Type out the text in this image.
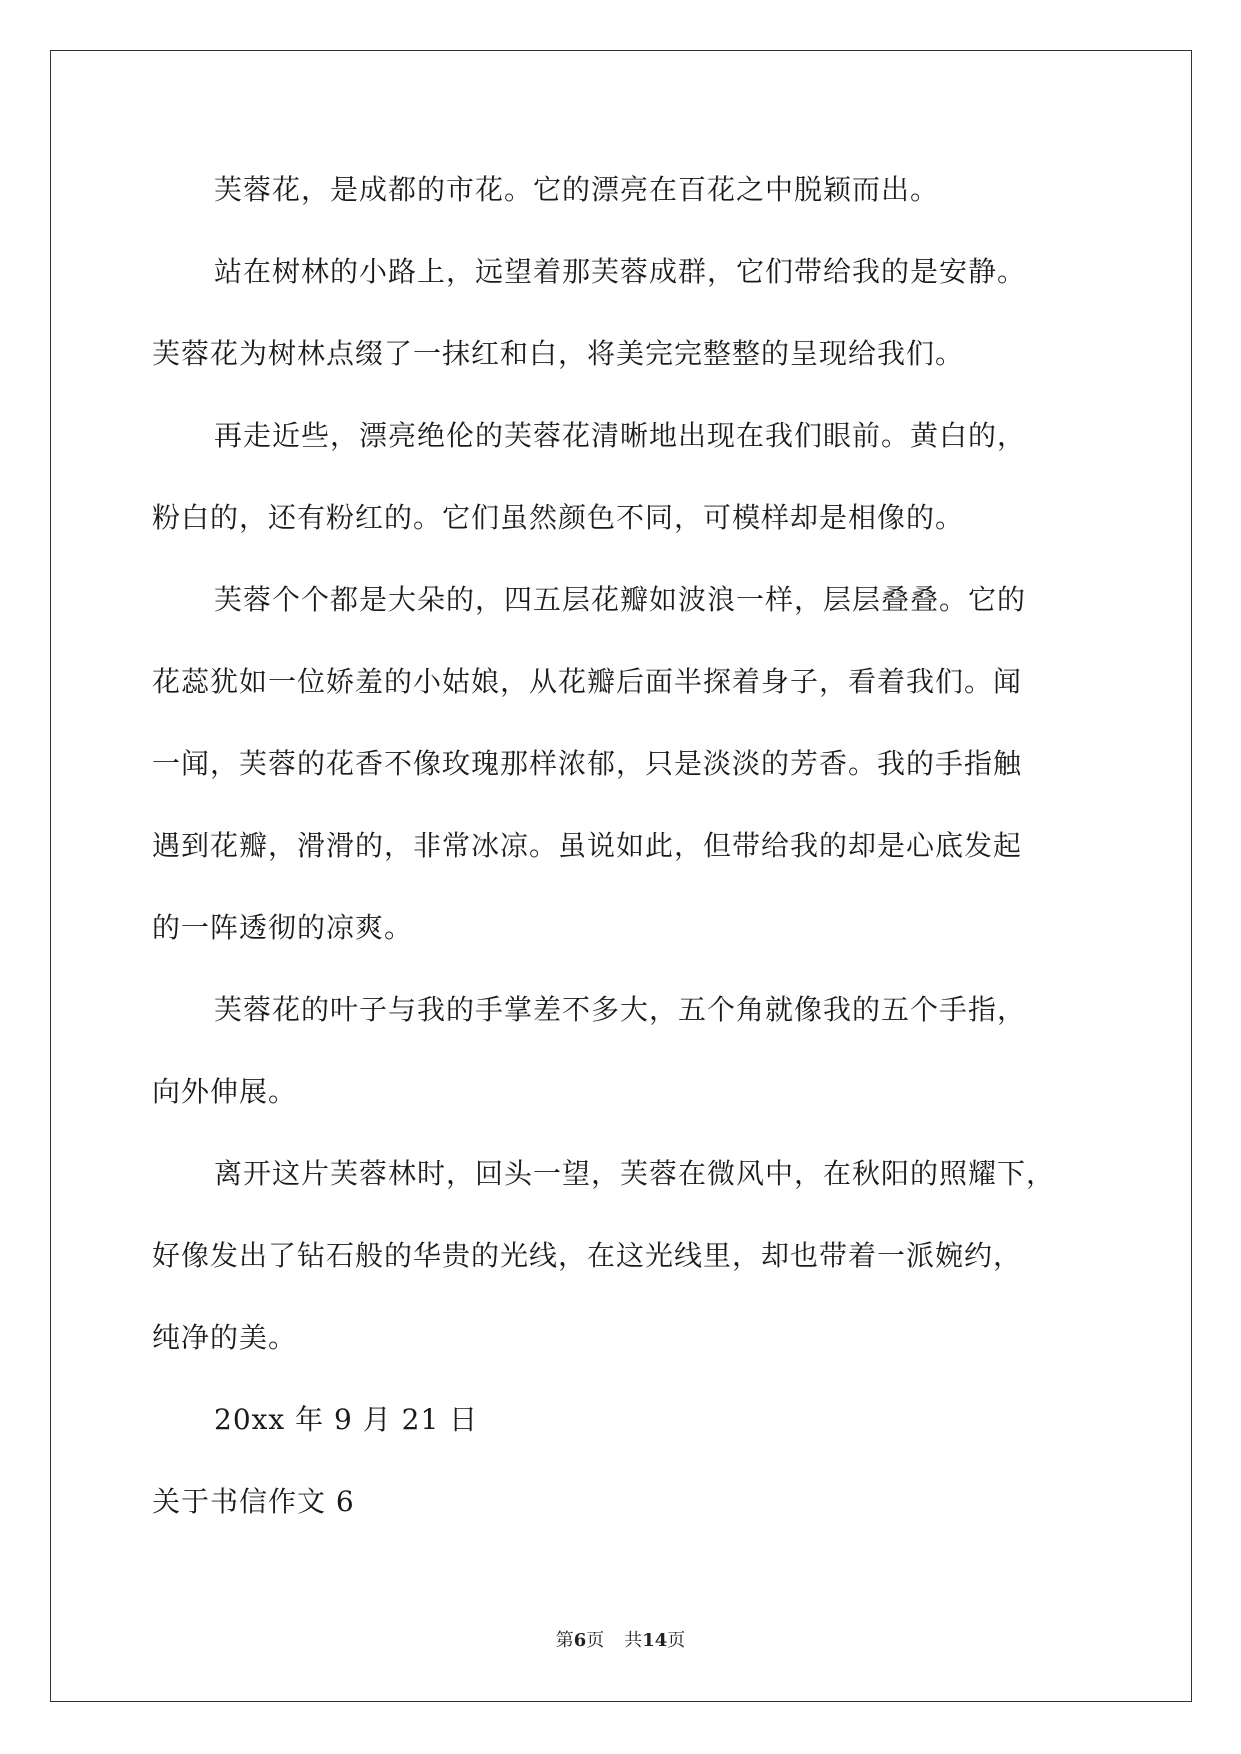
芙蓉花，是成都的市花。它的漂亮在百花之中脱颖而出。
站在树林的小路上，远望着那芙蓉成群，它们带给我的是安静。
芙蓉花为树林点缀了一抹红和白，将美完完整整的呈现给我们。
再走近些，漂亮绝伦的芙蓉花清晰地出现在我们眼前。黄白的，
粉白的，还有粉红的。它们虽然颜色不同，可模样却是相像的。
芙蓉个个都是大朵的，四五层花瓣如波浪一样，层层叠叠。它的
花蕊犹如一位娇羞的小姑娘，从花瓣后面半探着身子，看着我们。闻
一闻，芙蓉的花香不像玫瑰那样浓郁，只是淡淡的芳香。我的手指触
遇到花瓣，滑滑的，非常冰凉。虽说如此，但带给我的却是心底发起
的一阵透彻的凉爽。
芙蓉花的叶子与我的手掌差不多大，五个角就像我的五个手指，
向外伸展。
离开这片芙蓉林时，回头一望，芙蓉在微风中，在秋阳的照耀下，
好像发出了钻石般的华贵的光线，在这光线里，却也带着一派婉约，
纯净的美。
20xx 年 9 月 21 日
关于书信作文 6
第6页 共14页
